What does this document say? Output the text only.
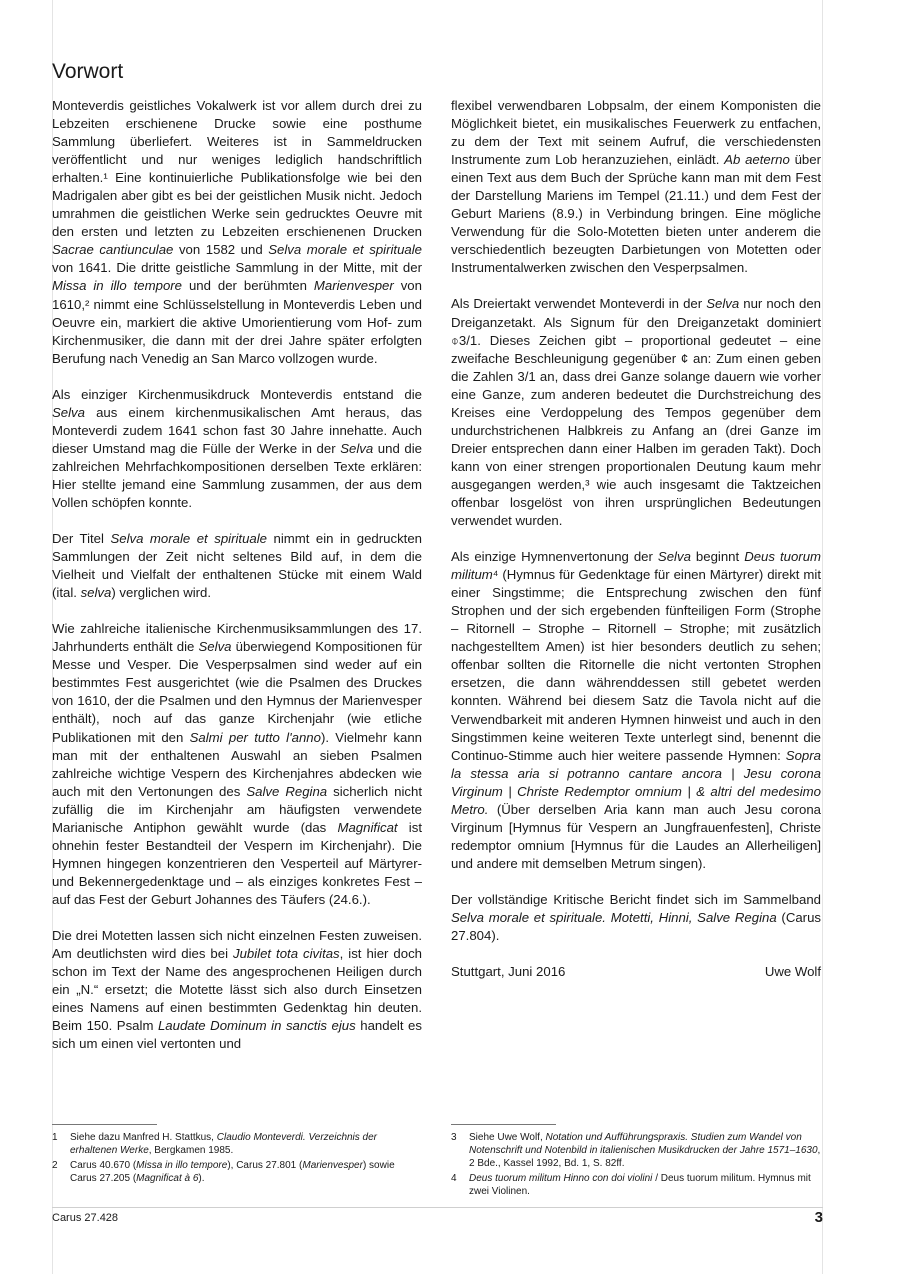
Vorwort

Monteverdis geistliches Vokalwerk ist vor allem durch drei zu Lebzeiten erschienene Drucke sowie eine posthume Sammlung überliefert. Weiteres ist in Sammeldrucken veröffentlicht und nur weniges lediglich handschriftlich erhalten.¹ Eine kontinuierliche Publikationsfolge wie bei den Madrigalen aber gibt es bei der geistlichen Musik nicht. Jedoch umrahmen die geistlichen Werke sein gedrucktes Oeuvre mit den ersten und letzten zu Lebzeiten erschienenen Drucken Sacrae cantiunculae von 1582 und Selva morale et spirituale von 1641. Die dritte geistliche Sammlung in der Mitte, mit der Missa in illo tempore und der berühmten Marienvesper von 1610,² nimmt eine Schlüsselstellung in Monteverdis Leben und Oeuvre ein, markiert die aktive Umorientierung vom Hof- zum Kirchenmusiker, die dann mit der drei Jahre später erfolgten Berufung nach Venedig an San Marco vollzogen wurde.

Als einziger Kirchenmusikdruck Monteverdis entstand die Selva aus einem kirchenmusikalischen Amt heraus, das Monteverdi zudem 1641 schon fast 30 Jahre innehatte. Auch dieser Umstand mag die Fülle der Werke in der Selva und die zahlreichen Mehrfachkompositionen derselben Texte erklären: Hier stellte jemand eine Sammlung zusammen, der aus dem Vollen schöpfen konnte.

Der Titel Selva morale et spirituale nimmt ein in gedruckten Sammlungen der Zeit nicht seltenes Bild auf, in dem die Vielheit und Vielfalt der enthaltenen Stücke mit einem Wald (ital. selva) verglichen wird.

Wie zahlreiche italienische Kirchenmusiksammlungen des 17. Jahrhunderts enthält die Selva überwiegend Kompositionen für Messe und Vesper. Die Vesperpsalmen sind weder auf ein bestimmtes Fest ausgerichtet (wie die Psalmen des Druckes von 1610, der die Psalmen und den Hymnus der Marienvesper enthält), noch auf das ganze Kirchenjahr (wie etliche Publikationen mit den Salmi per tutto l'anno). Vielmehr kann man mit der enthaltenen Auswahl an sieben Psalmen zahlreiche wichtige Vespern des Kirchenjahres abdecken wie auch mit den Vertonungen des Salve Regina sicherlich nicht zufällig die im Kirchenjahr am häufigsten verwendete Marianische Antiphon gewählt wurde (das Magnificat ist ohnehin fester Bestandteil der Vespern im Kirchenjahr). Die Hymnen hingegen konzentrieren den Vesperteil auf Märtyrer- und Bekennergedenktage und – als einziges konkretes Fest – auf das Fest der Geburt Johannes des Täufers (24.6.).

Die drei Motetten lassen sich nicht einzelnen Festen zuweisen. Am deutlichsten wird dies bei Jubilet tota civitas, ist hier doch schon im Text der Name des angesprochenen Heiligen durch ein „N.“ ersetzt; die Motette lässt sich also durch Einsetzen eines Namens auf einen bestimmten Gedenktag hin deuten. Beim 150. Psalm Laudate Dominum in sanctis ejus handelt es sich um einen viel vertonten und

flexibel verwendbaren Lobpsalm, der einem Komponisten die Möglichkeit bietet, ein musikalisches Feuerwerk zu entfachen, zu dem der Text mit seinem Aufruf, die verschiedensten Instrumente zum Lob heranzuziehen, einlädt. Ab aeterno über einen Text aus dem Buch der Sprüche kann man mit dem Fest der Darstellung Mariens im Tempel (21.11.) und dem Fest der Geburt Mariens (8.9.) in Verbindung bringen. Eine mögliche Verwendung für die Solo-Motetten bieten unter anderem die verschiedentlich bezeugten Darbietungen von Motetten oder Instrumentalwerken zwischen den Vesperpsalmen.

Als Dreiertakt verwendet Monteverdi in der Selva nur noch den Dreiganzetakt. Als Signum für den Dreiganzetakt dominiert ⌽3/1. Dieses Zeichen gibt – proportional gedeutet – eine zweifache Beschleunigung gegenüber ¢ an: Zum einen geben die Zahlen 3/1 an, dass drei Ganze solange dauern wie vorher eine Ganze, zum anderen bedeutet die Durchstreichung des Kreises eine Verdoppelung des Tempos gegenüber dem undurchstrichenen Halbkreis zu Anfang an (drei Ganze im Dreier entsprechen dann einer Halben im geraden Takt). Doch kann von einer strengen proportionalen Deutung kaum mehr ausgegangen werden,³ wie auch insgesamt die Taktzeichen offenbar losgelöst von ihren ursprünglichen Bedeutungen verwendet wurden.

Als einzige Hymnenvertonung der Selva beginnt Deus tuorum militum⁴ (Hymnus für Gedenktage für einen Märtyrer) direkt mit einer Singstimme; die Entsprechung zwischen den fünf Strophen und der sich ergebenden fünfteiligen Form (Strophe – Ritornell – Strophe – Ritornell – Strophe; mit zusätzlich nachgestelltem Amen) ist hier besonders deutlich zu sehen; offenbar sollten die Ritornelle die nicht vertonten Strophen ersetzen, die dann währenddessen still gebetet werden konnten. Während bei diesem Satz die Tavola nicht auf die Verwendbarkeit mit anderen Hymnen hinweist und auch in den Singstimmen keine weiteren Texte unterlegt sind, benennt die Continuo-Stimme auch hier weitere passende Hymnen: Sopra la stessa aria si potranno cantare ancora | Jesu corona Virginum | Christe Redemptor omnium | & altri del medesimo Metro. (Über derselben Aria kann man auch Jesu corona Virginum [Hymnus für Vespern an Jungfrauenfesten], Christe redemptor omnium [Hymnus für die Laudes an Allerheiligen] und andere mit demselben Metrum singen).

Der vollständige Kritische Bericht findet sich im Sammelband Selva morale et spirituale. Motetti, Hinni, Salve Regina (Carus 27.804).

Stuttgart, Juni 2016	Uwe Wolf
1	Siehe dazu Manfred H. Stattkus, Claudio Monteverdi. Verzeichnis der erhaltenen Werke, Bergkamen 1985.
2	Carus 40.670 (Missa in illo tempore), Carus 27.801 (Marienvesper) sowie Carus 27.205 (Magnificat à 6).
3	Siehe Uwe Wolf, Notation und Aufführungspraxis. Studien zum Wandel von Notenschrift und Notenbild in italienischen Musikdrucken der Jahre 1571–1630, 2 Bde., Kassel 1992, Bd. 1, S. 82ff.
4	Deus tuorum militum Hinno con doi violini / Deus tuorum militum. Hymnus mit zwei Violinen.
Carus 27.428	3
